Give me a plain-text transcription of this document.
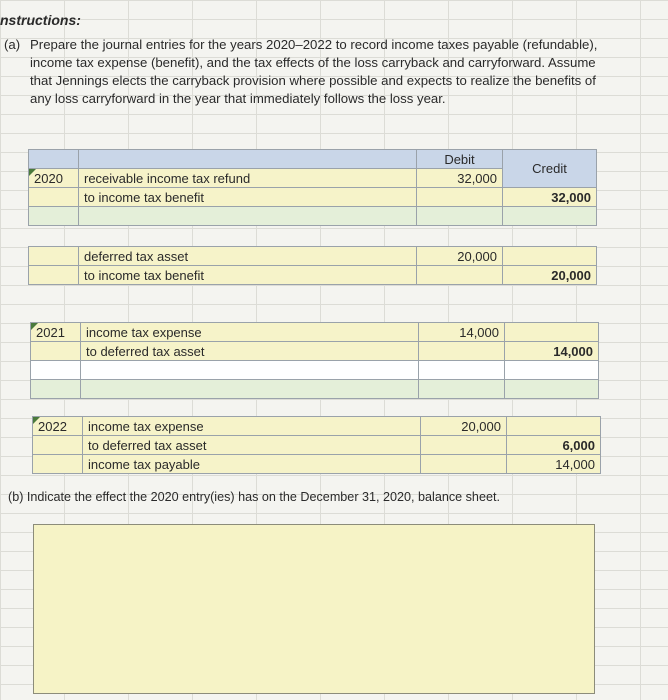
nstructions:
(a) Prepare the journal entries for the years 2020–2022 to record income taxes payable (refundable), income tax expense (benefit), and the tax effects of the loss carryback and carryforward. Assume that Jennings elects the carryback provision where possible and expects to realize the benefits of any loss carryforward in the year that immediately follows the loss year.
		Debit	Credit

2020	receivable income tax refund	32,000	
	to income tax benefit		32,000

	deferred tax asset	20,000	
	to income tax benefit		20,000
2021	income tax expense	14,000	
	to deferred tax asset		14,000

2022	income tax expense	20,000	
	to deferred tax asset		6,000
	income tax payable		14,000
(b) Indicate the effect the 2020 entry(ies) has on the December 31, 2020, balance sheet.
